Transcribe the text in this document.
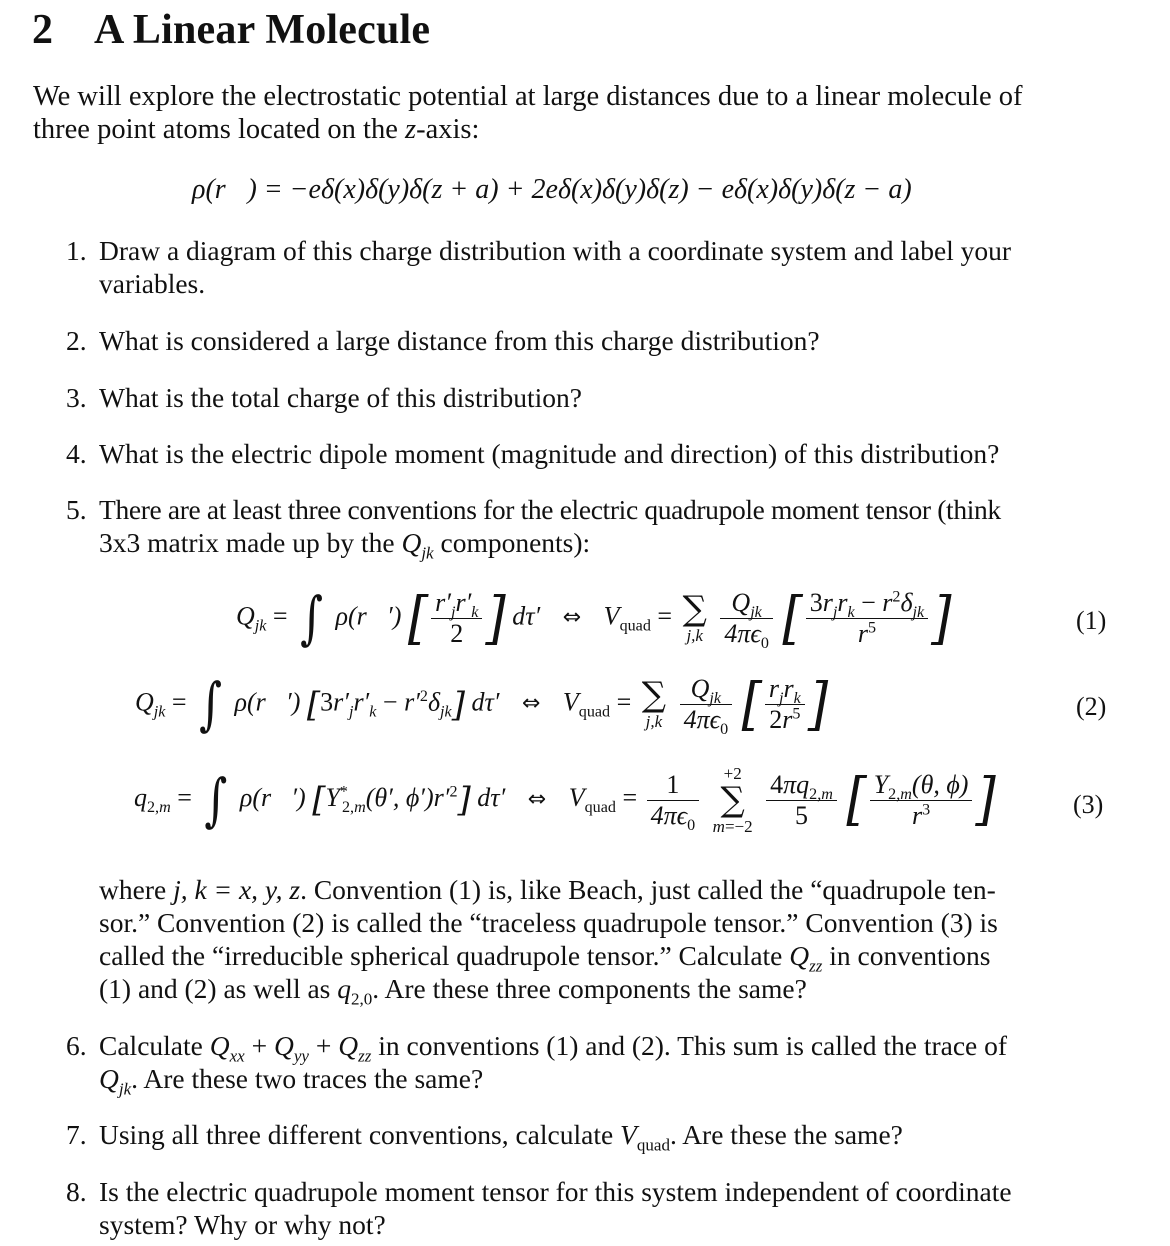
2 A Linear Molecule
We will explore the electrostatic potential at large distances due to a linear molecule of
three point atoms located on the z-axis:
ρ(r⃗) = −eδ(x)δ(y)δ(z + a) + 2eδ(x)δ(y)δ(z) − eδ(x)δ(y)δ(z − a)
1. Draw a diagram of this charge distribution with a coordinate system and label your
variables.
2. What is considered a large distance from this charge distribution?
3. What is the total charge of this distribution?
4. What is the electric dipole moment (magnitude and direction) of this distribution?
5. There are at least three conventions for the electric quadrupole moment tensor (think
3x3 matrix made up by the $Q_{jk}$ components):
$Q_{jk}$ = ∫ ρ(r⃗′) [ $\frac{r'_jr'_k}{2}$ ] dτ′ ⇔ $V_{quad}$ = ∑
j,k
$\frac{Q_{jk}}{4\pi\epsilon_0}$ [ $\frac{3r_jr_k - r^2\delta_{jk}}{r^5}$ ]	(1)
$Q_{jk}$ = ∫ ρ(r⃗′) $[3r'_jr'_k - r'^2\delta_{jk}]$ dτ′ ⇔ $V_{quad}$ = ∑
j,k
$\frac{Q_{jk}}{4\pi\epsilon_0}$ [ $\frac{r_jr_k}{2r^5}$ ]	(2)
$q_{2,m}$ = ∫ ρ(r⃗′) [$Y^*_{2,m}(\theta'$, $\phi')r'^2$] dτ′ ⇔ $V_{quad} = \frac{1}{4\pi\epsilon_0}$
	+2
∑
m=−2
$\frac{4\pi q_{2,m}}{5}$ [ $\frac{Y_{2,m}(\theta, \phi)}{r^3}$ ]	(3)
where j, k = x, y, z. Convention (1) is, like Beach, just called the “quadrupole ten-
sor.” Convention (2) is called the “traceless quadrupole tensor.” Convention (3) is
called the “irreducible spherical quadrupole tensor.” Calculate $Q_{zz}$ in conventions
(1) and (2) as well as $q_{2,0}$. Are these three components the same?
6. Calculate $Q_{xx} + Q_{yy} + Q_{zz}$ in conventions (1) and (2). This sum is called the trace of
$Q_{jk}$. Are these two traces the same?
7. Using all three different conventions, calculate $V_{quad}$. Are these the same?
8. Is the electric quadrupole moment tensor for this system independent of coordinate
system? Why or why not?
